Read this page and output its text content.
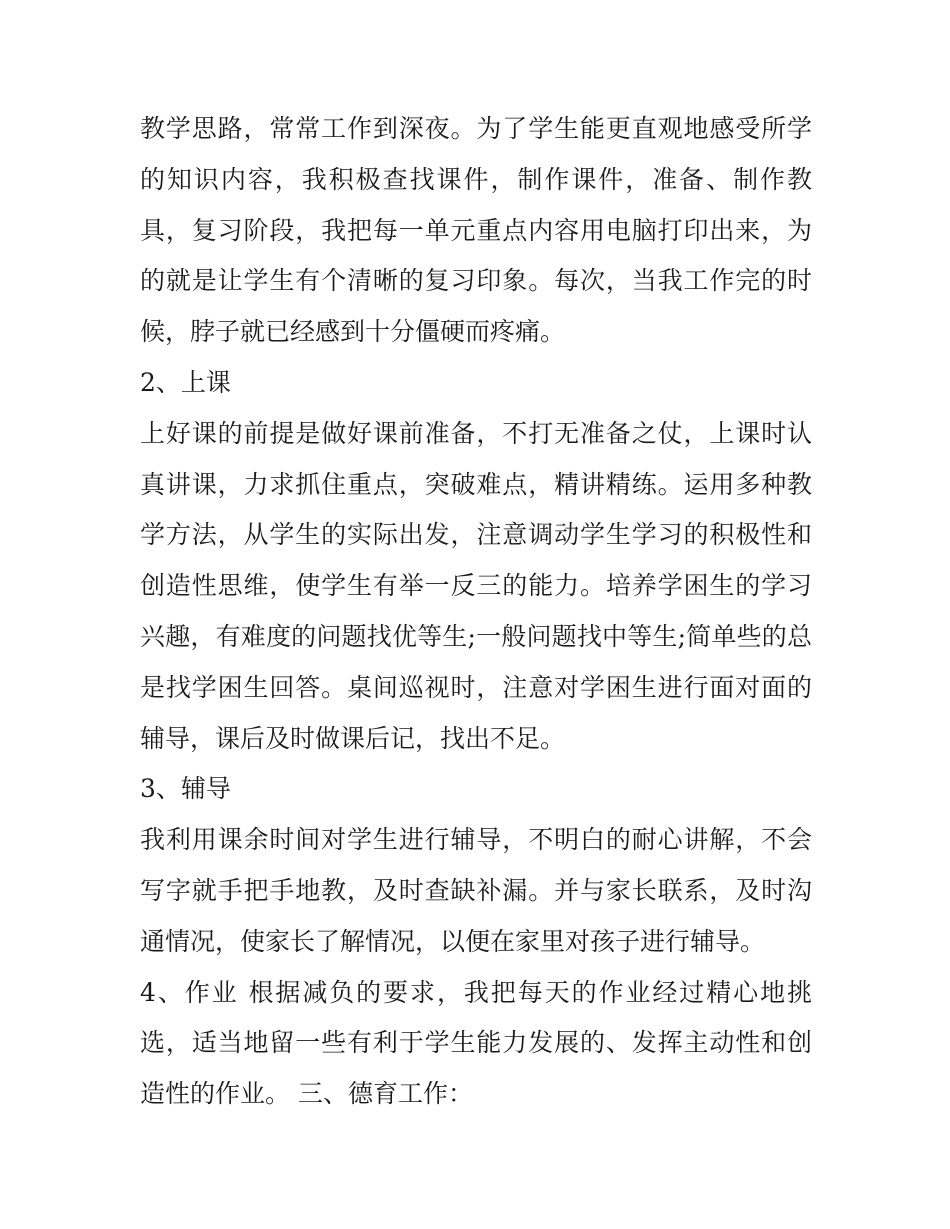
教学思路，常常工作到深夜。为了学生能更直观地感受所学的知识内容，我积极查找课件，制作课件，准备、制作教具，复习阶段，我把每一单元重点内容用电脑打印出来，为的就是让学生有个清晰的复习印象。每次，当我工作完的时候，脖子就已经感到十分僵硬而疼痛。

2、上课

上好课的前提是做好课前准备，不打无准备之仗，上课时认真讲课，力求抓住重点，突破难点，精讲精练。运用多种教学方法，从学生的实际出发，注意调动学生学习的积极性和创造性思维，使学生有举一反三的能力。培养学困生的学习兴趣，有难度的问题找优等生;一般问题找中等生;简单些的总是找学困生回答。桌间巡视时，注意对学困生进行面对面的辅导，课后及时做课后记，找出不足。

3、辅导

我利用课余时间对学生进行辅导，不明白的耐心讲解，不会写字就手把手地教，及时查缺补漏。并与家长联系，及时沟通情况，使家长了解情况，以便在家里对孩子进行辅导。

4、作业 根据减负的要求，我把每天的作业经过精心地挑选，适当地留一些有利于学生能力发展的、发挥主动性和创造性的作业。 三、德育工作：
